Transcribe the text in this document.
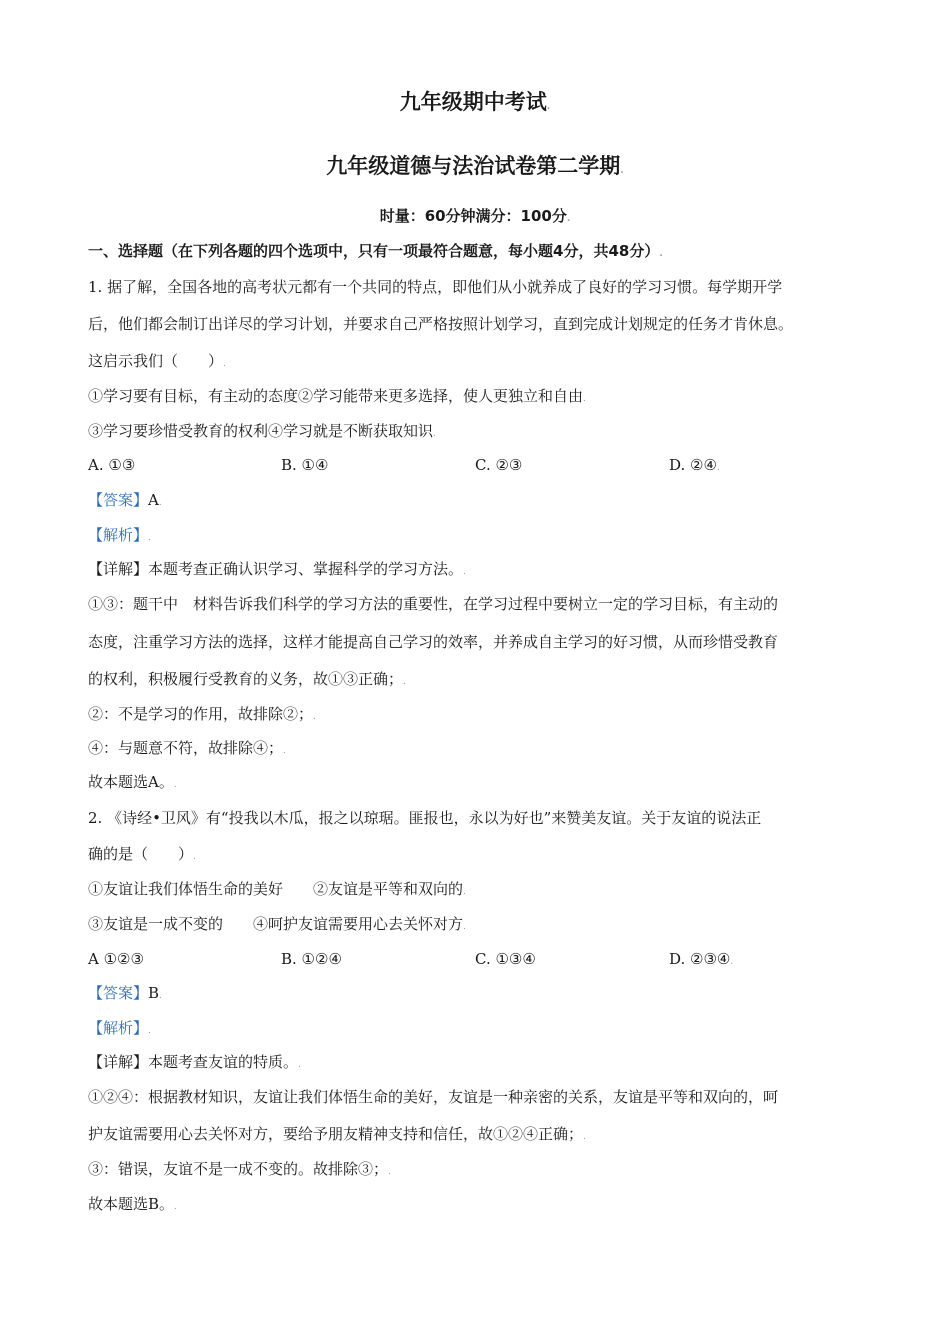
九年级期中考试.
九年级道德与法治试卷第二学期.
时量：60分钟满分：100分.
一、选择题（在下列各题的四个选项中，只有一项最符合题意，每小题4分，共48分）.
1. 据了解，全国各地的高考状元都有一个共同的特点，即他们从小就养成了良好的学习习惯。每学期开学
后，他们都会制订出详尽的学习计划，并要求自己严格按照计划学习，直到完成计划规定的任务才肯休息。
这启示我们（　　）.
①学习要有目标，有主动的态度②学习能带来更多选择，使人更独立和自由.
③学习要珍惜受教育的权利④学习就是不断获取知识.
A. ①③	B. ①④	C. ②③	D. ②④.
【答案】A.
【解析】.
【详解】本题考查正确认识学习、掌握科学的学习方法。.
①③：题干中　材料告诉我们科学的学习方法的重要性，在学习过程中要树立一定的学习目标，有主动的
态度，注重学习方法的选择，这样才能提高自己学习的效率，并养成自主学习的好习惯，从而珍惜受教育
的权利，积极履行受教育的义务，故①③正确；.
②：不是学习的作用，故排除②；.
④：与题意不符，故排除④；.
故本题选A。.
2. 《诗经•卫风》有“投我以木瓜，报之以琼琚。匪报也，永以为好也”来赞美友谊。关于友谊的说法正
确的是（　　）.
①友谊让我们体悟生命的美好　　②友谊是平等和双向的.
③友谊是一成不变的　　④呵护友谊需要用心去关怀对方.
A ①②③	B. ①②④	C. ①③④	D. ②③④.
【答案】B.
【解析】.
【详解】本题考查友谊的特质。.
①②④：根据教材知识，友谊让我们体悟生命的美好，友谊是一种亲密的关系，友谊是平等和双向的，呵
护友谊需要用心去关怀对方，要给予朋友精神支持和信任，故①②④正确；.
③：错误，友谊不是一成不变的。故排除③；.
故本题选B。.
